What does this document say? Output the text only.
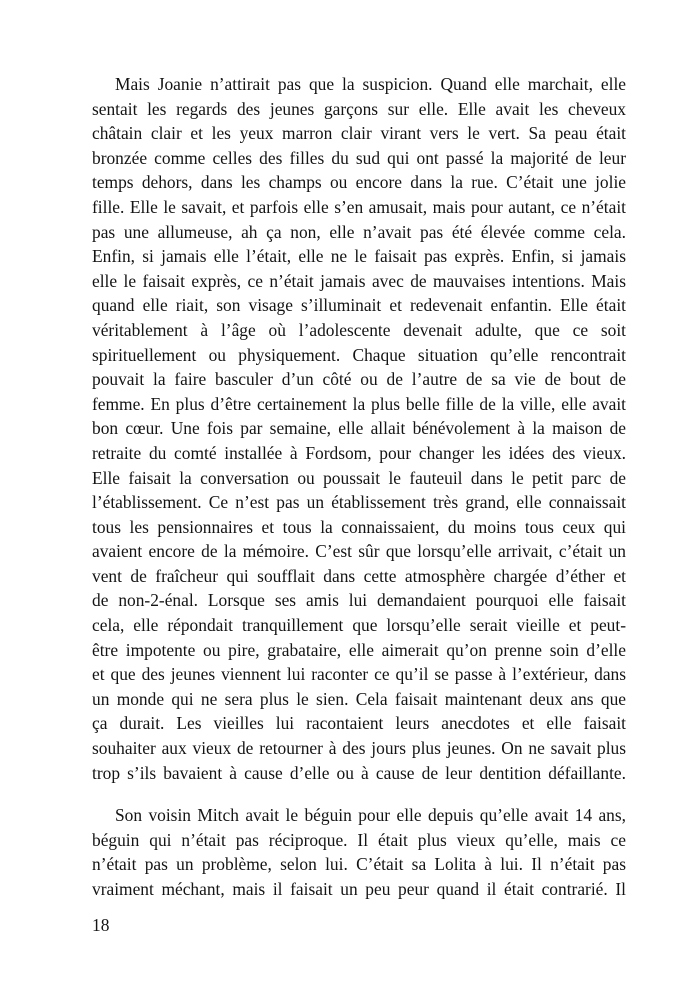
Mais Joanie n’attirait pas que la suspicion. Quand elle marchait, elle
sentait les regards des jeunes garçons sur elle. Elle avait les cheveux
châtain clair et les yeux marron clair virant vers le vert. Sa peau était
bronzée comme celles des filles du sud qui ont passé la majorité de leur
temps dehors, dans les champs ou encore dans la rue. C’était une jolie
fille. Elle le savait, et parfois elle s’en amusait, mais pour autant, ce n’était
pas une allumeuse, ah ça non, elle n’avait pas été élevée comme cela.
Enfin, si jamais elle l’était, elle ne le faisait pas exprès. Enfin, si jamais
elle le faisait exprès, ce n’était jamais avec de mauvaises intentions. Mais
quand elle riait, son visage s’illuminait et redevenait enfantin. Elle était
véritablement à l’âge où l’adolescente devenait adulte, que ce soit
spirituellement ou physiquement. Chaque situation qu’elle rencontrait
pouvait la faire basculer d’un côté ou de l’autre de sa vie de bout de
femme. En plus d’être certainement la plus belle fille de la ville, elle avait
bon cœur. Une fois par semaine, elle allait bénévolement à la maison de
retraite du comté installée à Fordsom, pour changer les idées des vieux.
Elle faisait la conversation ou poussait le fauteuil dans le petit parc de
l’établissement. Ce n’est pas un établissement très grand, elle connaissait
tous les pensionnaires et tous la connaissaient, du moins tous ceux qui
avaient encore de la mémoire. C’est sûr que lorsqu’elle arrivait, c’était un
vent de fraîcheur qui soufflait dans cette atmosphère chargée d’éther et
de non-2-énal. Lorsque ses amis lui demandaient pourquoi elle faisait
cela, elle répondait tranquillement que lorsqu’elle serait vieille et peut-
être impotente ou pire, grabataire, elle aimerait qu’on prenne soin d’elle
et que des jeunes viennent lui raconter ce qu’il se passe à l’extérieur, dans
un monde qui ne sera plus le sien. Cela faisait maintenant deux ans que
ça durait. Les vieilles lui racontaient leurs anecdotes et elle faisait
souhaiter aux vieux de retourner à des jours plus jeunes. On ne savait plus
trop s’ils bavaient à cause d’elle ou à cause de leur dentition défaillante.
Son voisin Mitch avait le béguin pour elle depuis qu’elle avait 14 ans,
béguin qui n’était pas réciproque. Il était plus vieux qu’elle, mais ce
n’était pas un problème, selon lui. C’était sa Lolita à lui. Il n’était pas
vraiment méchant, mais il faisait un peu peur quand il était contrarié. Il
18
